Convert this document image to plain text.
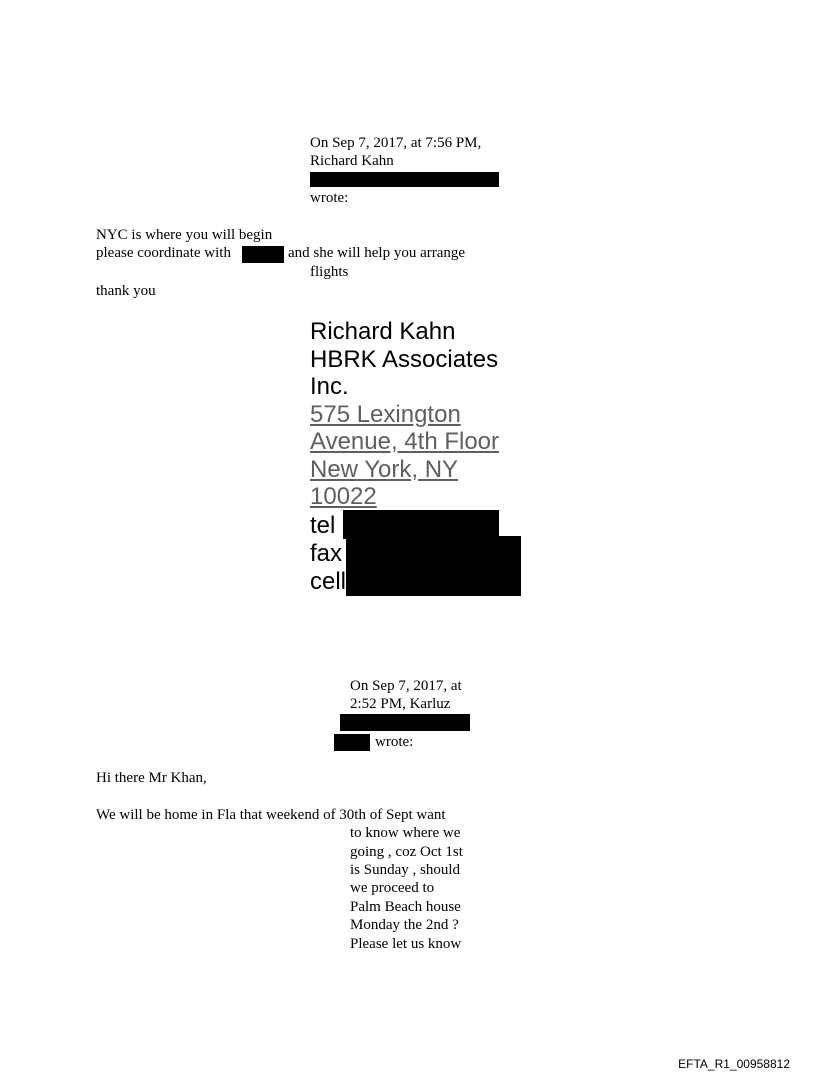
On Sep 7, 2017, at 7:56 PM,
Richard Kahn
wrote:
NYC is where you will begin
please coordinate with	and she will help you arrange
flights
thank you
Richard Kahn
HBRK Associates
Inc.
575 Lexington
Avenue, 4th Floor
New York, NY
10022
tel
fax
cell
On Sep 7, 2017, at
2:52 PM, Karluz
wrote:
Hi there Mr Khan,
We will be home in Fla that weekend of 30th of Sept want
to know where we
going , coz Oct 1st
is Sunday , should
we proceed to
Palm Beach house
Monday the 2nd ?
Please let us know
EFTA_R1_00958812
